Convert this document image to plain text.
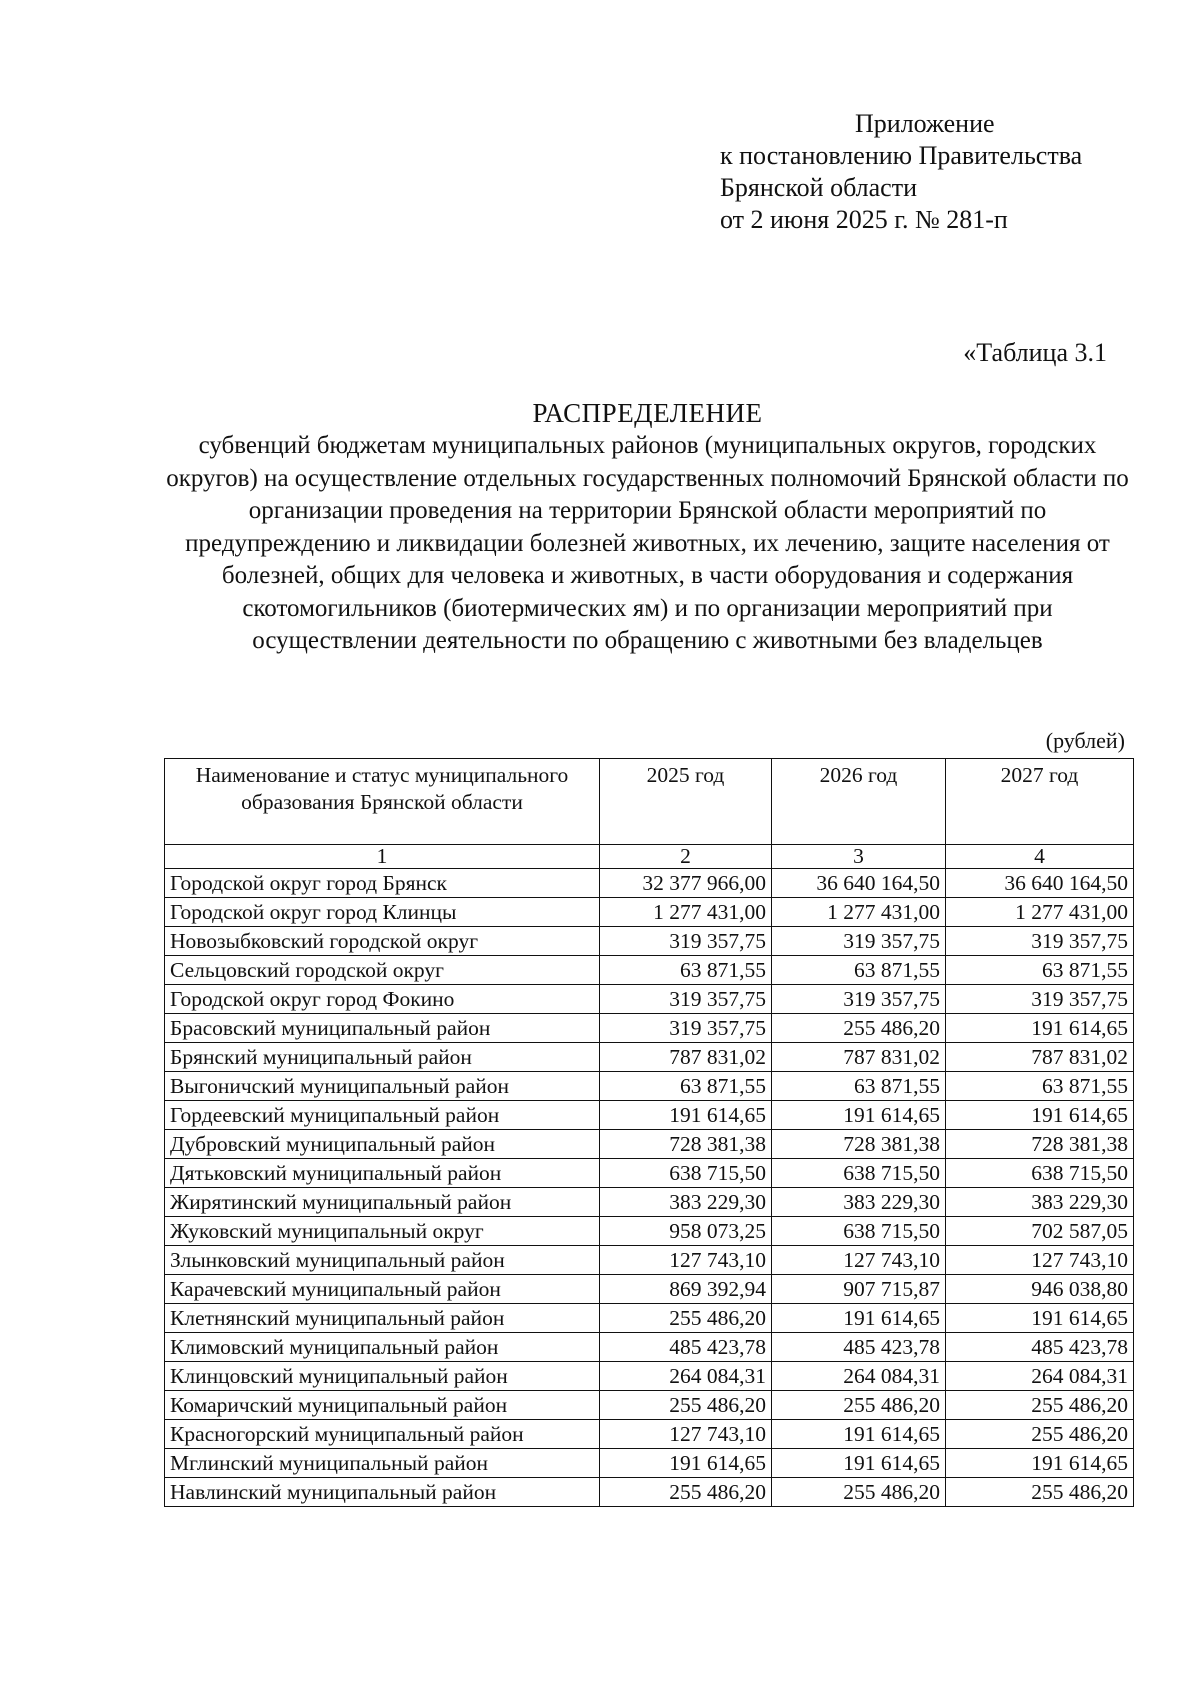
Приложение
к постановлению Правительства
Брянской области
от 2 июня 2025 г. № 281-п
«Таблица 3.1
РАСПРЕДЕЛЕНИЕ
субвенций бюджетам муниципальных районов (муниципальных округов, городских округов) на осуществление отдельных государственных полномочий Брянской области по организации проведения на территории Брянской области мероприятий по предупреждению и ликвидации болезней животных, их лечению, защите населения от болезней, общих для человека и животных, в части оборудования и содержания скотомогильников (биотермических ям) и по организации мероприятий при осуществлении деятельности по обращению с животными без владельцев
(рублей)
Наименование и статус муниципального образования Брянской области	2025 год	2026 год	2027 год
1	2	3	4
Городской округ город Брянск	32 377 966,00	36 640 164,50	36 640 164,50
Городской округ город Клинцы	1 277 431,00	1 277 431,00	1 277 431,00
Новозыбковский городской округ	319 357,75	319 357,75	319 357,75
Сельцовский городской округ	63 871,55	63 871,55	63 871,55
Городской округ город Фокино	319 357,75	319 357,75	319 357,75
Брасовский муниципальный район	319 357,75	255 486,20	191 614,65
Брянский муниципальный район	787 831,02	787 831,02	787 831,02
Выгоничский муниципальный район	63 871,55	63 871,55	63 871,55
Гордеевский муниципальный район	191 614,65	191 614,65	191 614,65
Дубровский муниципальный район	728 381,38	728 381,38	728 381,38
Дятьковский муниципальный район	638 715,50	638 715,50	638 715,50
Жирятинский муниципальный район	383 229,30	383 229,30	383 229,30
Жуковский муниципальный округ	958 073,25	638 715,50	702 587,05
Злынковский муниципальный район	127 743,10	127 743,10	127 743,10
Карачевский муниципальный район	869 392,94	907 715,87	946 038,80
Клетнянский муниципальный район	255 486,20	191 614,65	191 614,65
Климовский муниципальный район	485 423,78	485 423,78	485 423,78
Клинцовский муниципальный район	264 084,31	264 084,31	264 084,31
Комаричский муниципальный район	255 486,20	255 486,20	255 486,20
Красногорский муниципальный район	127 743,10	191 614,65	255 486,20
Мглинский муниципальный район	191 614,65	191 614,65	191 614,65
Навлинский муниципальный район	255 486,20	255 486,20	255 486,20
